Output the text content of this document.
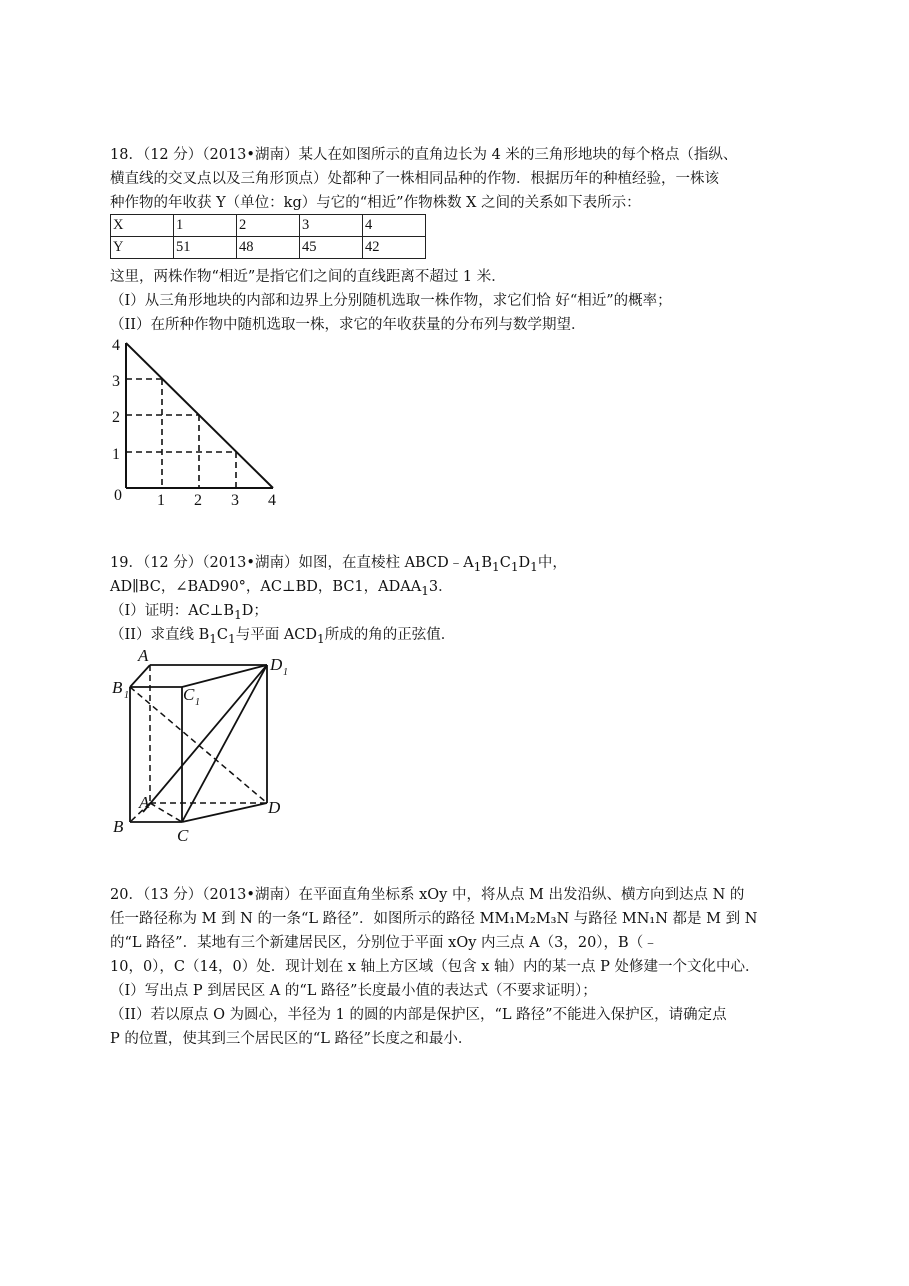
18．（12 分）（2013•湖南）某人在如图所示的直角边长为 4 米的三角形地块的每个格点（指纵、
横直线的交叉点以及三角形顶点）处都种了一株相同品种的作物．根据历年的种植经验，一株该
种作物的年收获 Y（单位：kg）与它的“相近”作物株数 X 之间的关系如下表所示：
X	1	2	3	4
Y	51	48	45	42
这里，两株作物“相近”是指它们之间的直线距离不超过 1 米．
（I）从三角形地块的内部和边界上分别随机选取一株作物，求它们恰 好“相近”的概率；
（II）在所种作物中随机选取一株，求它的年收获量的分布列与数学期望．
4
3
2
1
0 1 2 3 4
19．（12 分）（2013•湖南）如图，在直棱柱 $ABCD﹣A_1B_1C_1D_1$中，
AD∥BC，∠BAD90°，AC⊥BD，BC1，$ADAA_13$．
（I）证明：$AC\perp B_1D$；
（II）求直线 $B_1C_1$与平面 $ACD_1$所成的角的正弦值．
A
B 1	C 1
D 1
A
B	C
D
20．（13 分）（2013•湖南）在平面直角坐标系 xOy 中，将从点 M 出发沿纵、横方向到达点 N 的
任一路径称为 M 到 N 的一条“L 路径”．如图所示的路径 MM₁M₂M₃N 与路径 MN₁N 都是 M 到 N
的“L 路径”．某地有三个新建居民区，分别位于平面 xOy 内三点 A（3，20），B（﹣
10，0），C（14，0）处．现计划在 x 轴上方区域（包含 x 轴）内的某一点 P 处修建一个文化中心．
（I）写出点 P 到居民区 A 的“L 路径”长度最小值的表达式（不要求证明）；
（II）若以原点 O 为圆心，半径为 1 的圆的内部是保护区，“L 路径”不能进入保护区，请确定点
P 的位置，使其到三个居民区的“L 路径”长度之和最小．
